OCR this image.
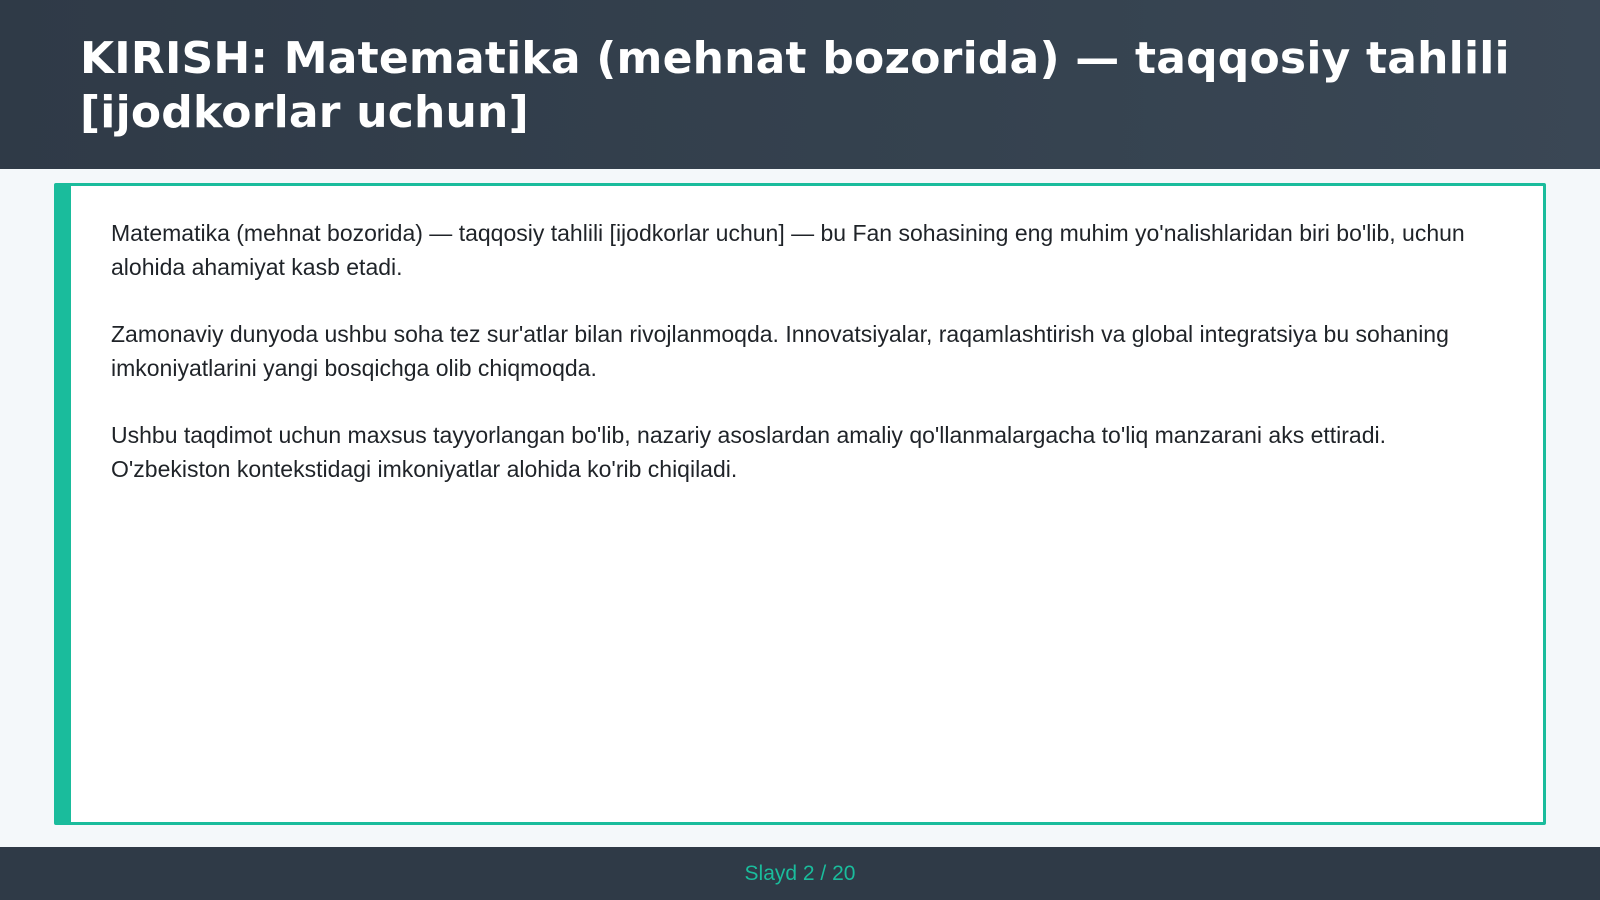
KIRISH: Matematika (mehnat bozorida) — taqqosiy tahlili [ijodkorlar uchun]

Matematika (mehnat bozorida) — taqqosiy tahlili [ijodkorlar uchun] — bu Fan sohasining eng muhim yo'nalishlaridan biri bo'lib, uchun alohida ahamiyat kasb etadi.

Zamonaviy dunyoda ushbu soha tez sur'atlar bilan rivojlanmoqda. Innovatsiyalar, raqamlashtirish va global integratsiya bu sohaning imkoniyatlarini yangi bosqichga olib chiqmoqda.

Ushbu taqdimot uchun maxsus tayyorlangan bo'lib, nazariy asoslardan amaliy qo'llanmalargacha to'liq manzarani aks ettiradi. O'zbekiston kontekstidagi imkoniyatlar alohida ko'rib chiqiladi.

Slayd 2 / 20
